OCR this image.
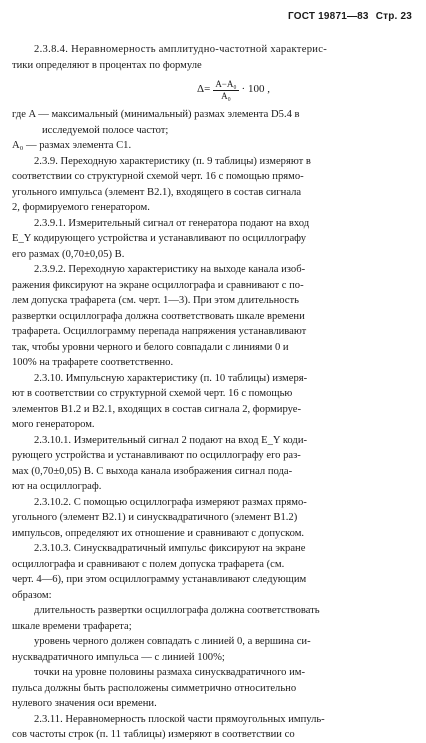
ГОСТ 19871—83 Стр. 23
2.3.8.4. Неравномерность амплитудно-частотной характерис-
тики определяют в процентах по формуле
$\Delta= \frac{\text{A−A₀}}{\text{A₀}} \cdot 100$ ,
где A — максимальный (минимальный) размах элемента D5.4 в
исследуемой полосе частот;
A₀ — размах элемента С1.
2.3.9. Переходную характеристику (п. 9 таблицы) измеряют в
соответствии со структурной схемой черт. 16 с помощью прямо-
угольного импульса (элемент В2.1), входящего в состав сигнала
2, формируемого генератором.
2.3.9.1. Измерительный сигнал от генератора подают на вход
E_Y кодирующего устройства и устанавливают по осциллографу
его размах (0,70±0,05) В.
2.3.9.2. Переходную характеристику на выходе канала изоб-
ражения фиксируют на экране осциллографа и сравнивают с по-
лем допуска трафарета (см. черт. 1—3). При этом длительность
развертки осциллографа должна соответствовать шкале времени
трафарета. Осциллограмму перепада напряжения устанавливают
так, чтобы уровни черного и белого совпадали с линиями 0 и
100% на трафарете соответственно.
2.3.10. Импульсную характеристику (п. 10 таблицы) измеря-
ют в соответствии со структурной схемой черт. 16 с помощью
элементов В1.2 и В2.1, входящих в состав сигнала 2, формируе-
мого генератором.
2.3.10.1. Измерительный сигнал 2 подают на вход E_Y коди-
рующего устройства и устанавливают по осциллографу его раз-
мах (0,70±0,05) В. С выхода канала изображения сигнал пода-
ют на осциллограф.
2.3.10.2. С помощью осциллографа измеряют размах прямо-
угольного (элемент В2.1) и синусквадратичного (элемент В1.2)
импульсов, определяют их отношение и сравнивают с допуском.
2.3.10.3. Синусквадратичный импульс фиксируют на экране
осциллографа и сравнивают с полем допуска трафарета (см.
черт. 4—6), при этом осциллограмму устанавливают следующим
образом:
длительность развертки осциллографа должна соответствовать
шкале времени трафарета;
уровень черного должен совпадать с линией 0, а вершина си-
нусквадратичного импульса — с линией 100%;
точки на уровне половины размаха синусквадратичного им-
пульса должны быть расположены симметрично относительно
нулевого значения оси времени.
2.3.11. Неравномерность плоской части прямоугольных импуль-
сов частоты строк (п. 11 таблицы) измеряют в соответствии со
